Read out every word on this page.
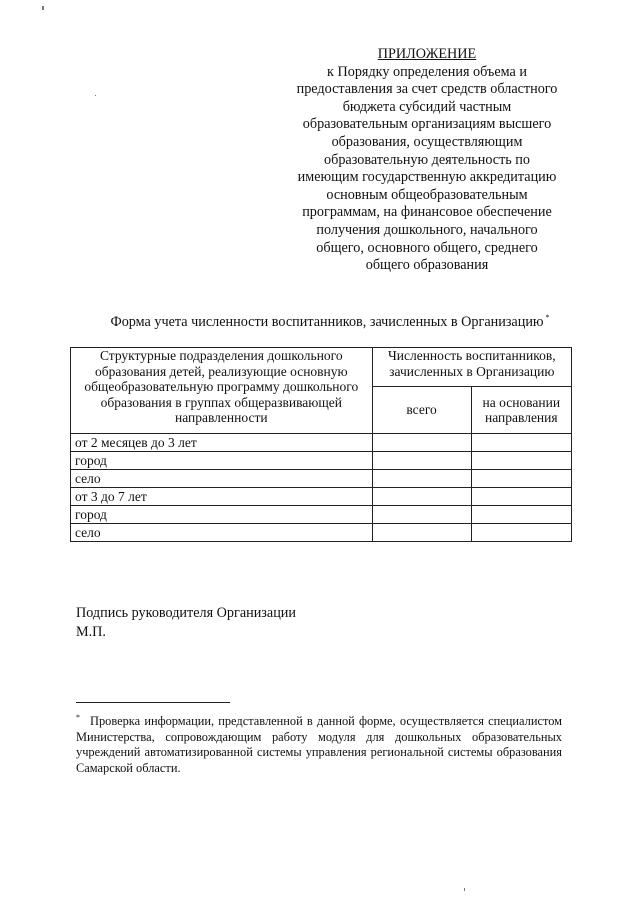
ПРИЛОЖЕНИЕ
к Порядку определения объема и
предоставления за счет средств областного
бюджета субсидий частным
образовательным организациям высшего
образования, осуществляющим
образовательную деятельность по
имеющим государственную аккредитацию
основным общеобразовательным
программам, на финансовое обеспечение
получения дошкольного, начального
общего, основного общего, среднего
общего образования
Форма учета численности воспитанников, зачисленных в Организацию *
Структурные подразделения дошкольного образования детей, реализующие основную общеобразовательную программу дошкольного образования в группах общеразвивающей направленности	Численность воспитанников, зачисленных в Организацию	
	всего	на основании направления
от 2 месяцев до 3 лет		
город		
село		
от 3 до 7 лет		
город		
село		
Подпись руководителя Организации
М.П.
* Проверка информации, представленной в данной форме, осуществляется специалистом Министерства, сопровождающим работу модуля для дошкольных образовательных учреждений автоматизированной системы управления региональной системы образования Самарской области.
